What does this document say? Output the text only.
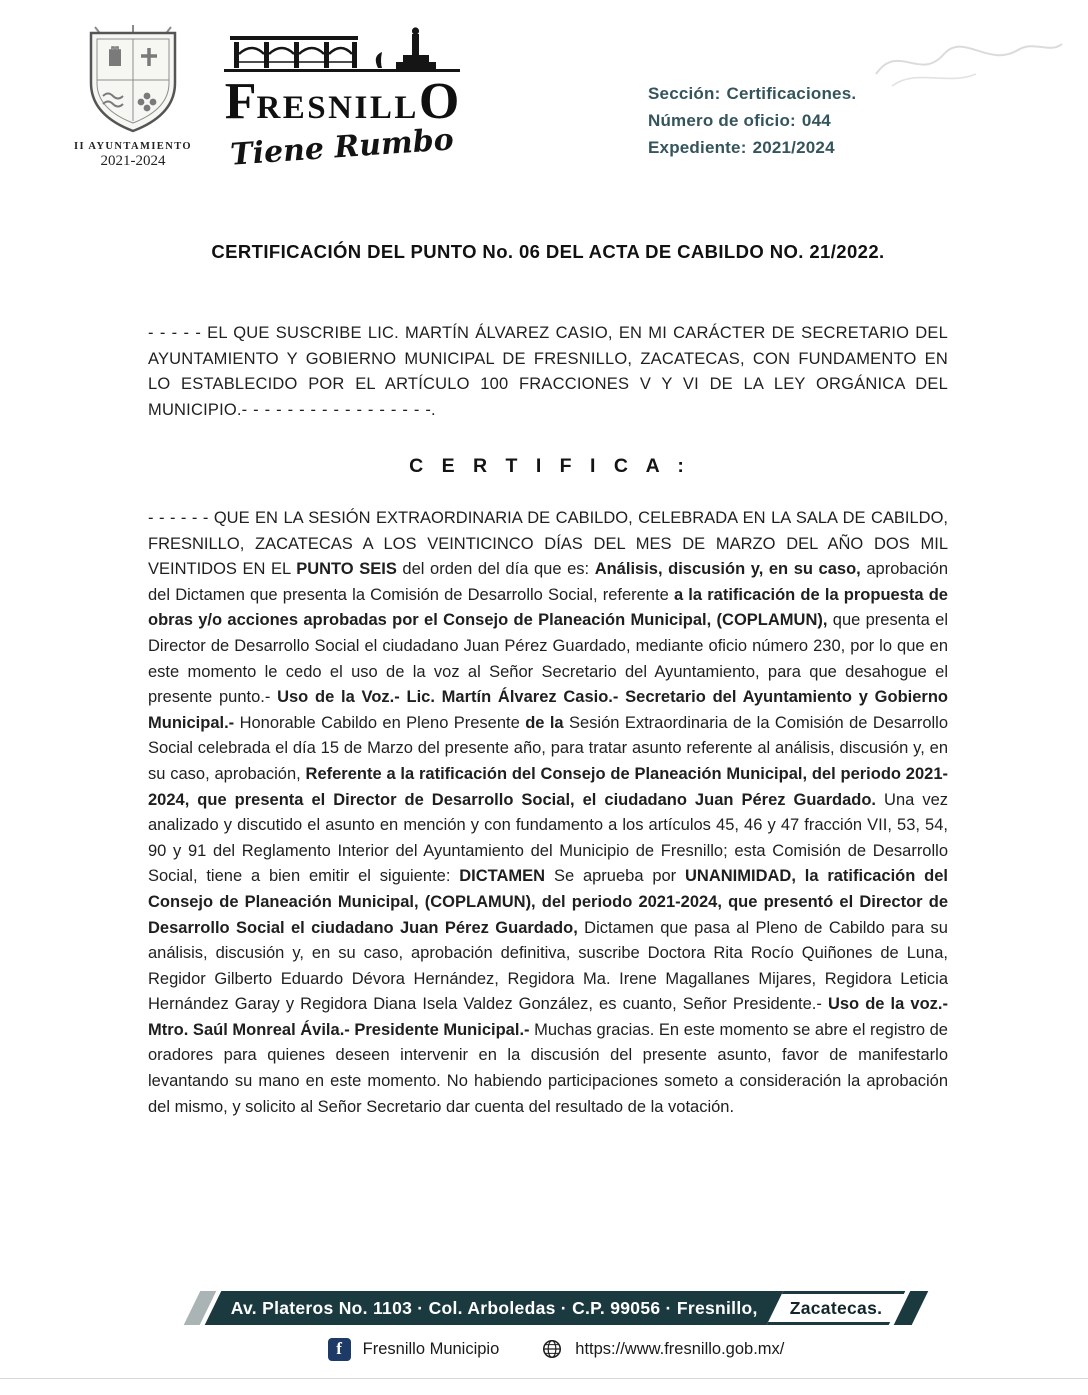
II AYUNTAMIENTO
2021-2024
FRESNILLO
Tiene Rumbo
Sección: Certificaciones.
Número de oficio: 044
Expediente: 2021/2024
CERTIFICACIÓN DEL PUNTO No. 06 DEL ACTA DE CABILDO NO. 21/2022.

- - - - - EL QUE SUSCRIBE LIC. MARTÍN ÁLVAREZ CASIO, EN MI CARÁCTER DE SECRETARIO DEL AYUNTAMIENTO Y GOBIERNO MUNICIPAL DE FRESNILLO, ZACATECAS, CON FUNDAMENTO EN LO ESTABLECIDO POR EL ARTÍCULO 100 FRACCIONES V Y VI DE LA LEY ORGÁNICA DEL MUNICIPIO.- - - - - - - - - - - - - - - - -.

C E R T I F I C A :

- - - - - - QUE EN LA SESIÓN EXTRAORDINARIA DE CABILDO, CELEBRADA EN LA SALA DE CABILDO, FRESNILLO, ZACATECAS A LOS VEINTICINCO DÍAS DEL MES DE MARZO DEL AÑO DOS MIL VEINTIDOS EN EL PUNTO SEIS del orden del día que es: Análisis, discusión y, en su caso, aprobación del Dictamen que presenta la Comisión de Desarrollo Social, referente a la ratificación de la propuesta de obras y/o acciones aprobadas por el Consejo de Planeación Municipal, (COPLAMUN), que presenta el Director de Desarrollo Social el ciudadano Juan Pérez Guardado, mediante oficio número 230, por lo que en este momento le cedo el uso de la voz al Señor Secretario del Ayuntamiento, para que desahogue el presente punto.- Uso de la Voz.- Lic. Martín Álvarez Casio.- Secretario del Ayuntamiento y Gobierno Municipal.- Honorable Cabildo en Pleno Presente de la Sesión Extraordinaria de la Comisión de Desarrollo Social celebrada el día 15 de Marzo del presente año, para tratar asunto referente al análisis, discusión y, en su caso, aprobación, Referente a la ratificación del Consejo de Planeación Municipal, del periodo 2021-2024, que presenta el Director de Desarrollo Social, el ciudadano Juan Pérez Guardado. Una vez analizado y discutido el asunto en mención y con fundamento a los artículos 45, 46 y 47 fracción VII, 53, 54, 90 y 91 del Reglamento Interior del Ayuntamiento del Municipio de Fresnillo; esta Comisión de Desarrollo Social, tiene a bien emitir el siguiente: DICTAMEN Se aprueba por UNANIMIDAD, la ratificación del Consejo de Planeación Municipal, (COPLAMUN), del periodo 2021-2024, que presentó el Director de Desarrollo Social el ciudadano Juan Pérez Guardado, Dictamen que pasa al Pleno de Cabildo para su análisis, discusión y, en su caso, aprobación definitiva, suscribe Doctora Rita Rocío Quiñones de Luna, Regidor Gilberto Eduardo Dévora Hernández, Regidora Ma. Irene Magallanes Mijares, Regidora Leticia Hernández Garay y Regidora Diana Isela Valdez González, es cuanto, Señor Presidente.- Uso de la voz.- Mtro. Saúl Monreal Ávila.- Presidente Municipal.- Muchas gracias. En este momento se abre el registro de oradores para quienes deseen intervenir en la discusión del presente asunto, favor de manifestarlo levantando su mano en este momento. No habiendo participaciones someto a consideración la aprobación del mismo, y solicito al Señor Secretario dar cuenta del resultado de la votación.

Av. Plateros No. 1103 · Col. Arboledas · C.P. 99056 · Fresnillo, Zacatecas.
f Fresnillo Municipio	https://www.fresnillo.gob.mx/
